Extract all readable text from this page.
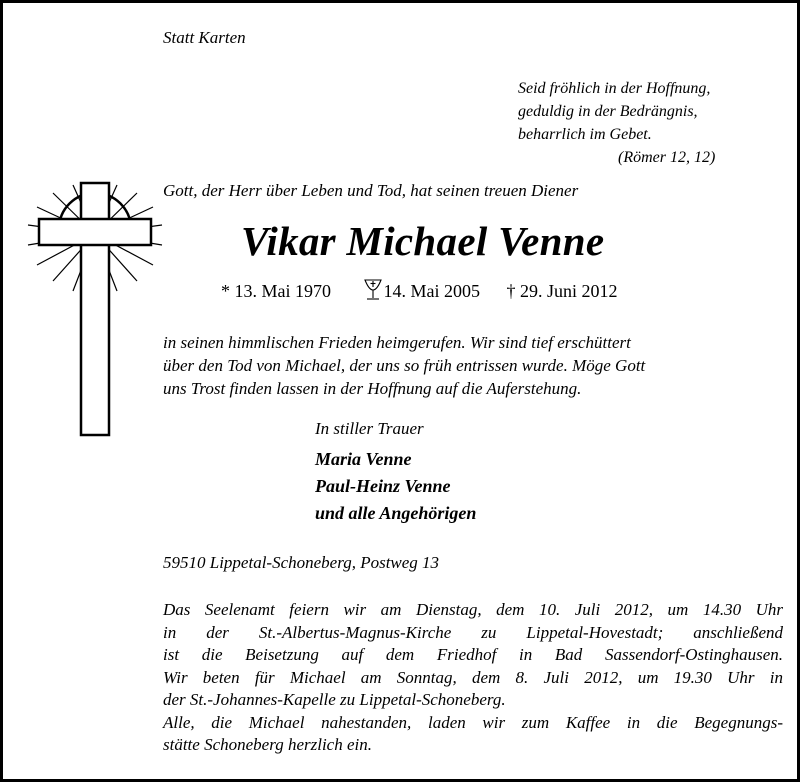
Statt Karten

Seid fröhlich in der Hoffnung,
geduldig in der Bedrängnis,
beharrlich im Gebet.
(Römer 12, 12)

Gott, der Herr über Leben und Tod, hat seinen treuen Diener

Vikar Michael Venne
* 13. Mai 1970	14. Mai 2005 † 29. Juni 2012
in seinen himmlischen Frieden heimgerufen. Wir sind tief erschüttert
über den Tod von Michael, der uns so früh entrissen wurde. Möge Gott
uns Trost finden lassen in der Hoffnung auf die Auferstehung.

In stiller Trauer

Maria Venne
Paul-Heinz Venne
und alle Angehörigen

59510 Lippetal-Schoneberg, Postweg 13

Das Seelenamt feiern wir am Dienstag, dem 10. Juli 2012, um 14.30 Uhr
in der St.-Albertus-Magnus-Kirche zu Lippetal-Hovestadt; anschließend
ist die Beisetzung auf dem Friedhof in Bad Sassendorf-Ostinghausen.
Wir beten für Michael am Sonntag, dem 8. Juli 2012, um 19.30 Uhr in
der St.-Johannes-Kapelle zu Lippetal-Schoneberg.
Alle, die Michael nahestanden, laden wir zum Kaffee in die Begegnungs-
stätte Schoneberg herzlich ein.
